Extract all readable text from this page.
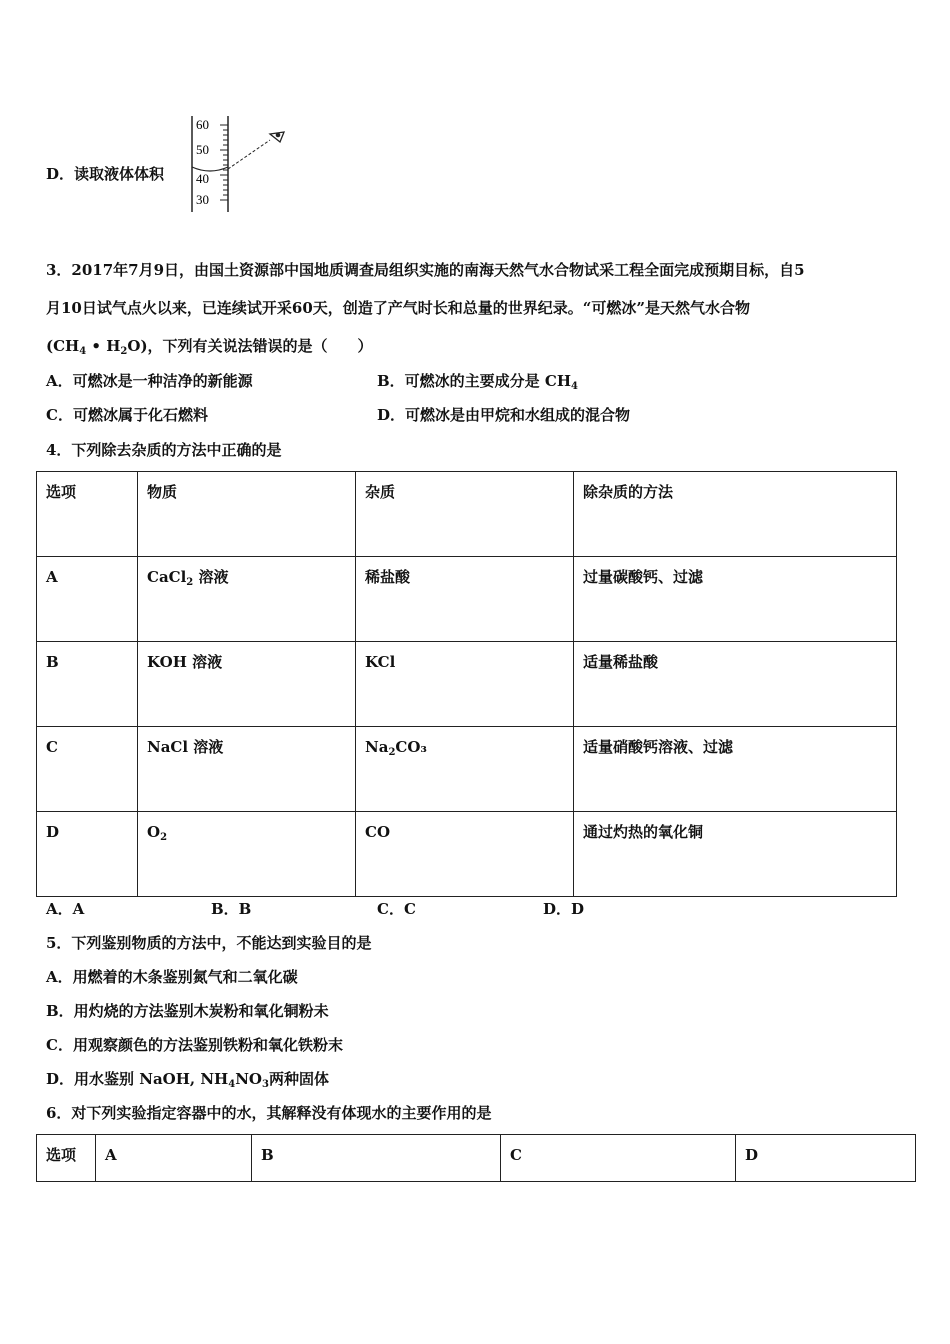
D．读取液体体积
60
50
40
30
3．2017年7月9日，由国土资源部中国地质调查局组织实施的南海天然气水合物试采工程全面完成预期目标，自5
月10日试气点火以来，已连续试开采60天，创造了产气时长和总量的世界纪录。“可燃冰”是天然气水合物
($CH_4$ • $H_2O$)，下列有关说法错误的是（　　）
A．可燃冰是一种洁净的新能源	B．可燃冰的主要成分是 $CH_4$
C．可燃冰属于化石燃料	D．可燃冰是由甲烷和水组成的混合物
4．下列除去杂质的方法中正确的是
选项	物质	杂质	除杂质的方法
A	CaCl$_2$ 溶液	稀盐酸	过量碳酸钙、过滤
B	KOH 溶液	KCl	适量稀盐酸
C	NaCl 溶液	$Na_2CO_3$	适量硝酸钙溶液、过滤
D	$O_2$	CO	通过灼热的氧化铜
A．A	B．B	C．C	D．D
5．下列鉴别物质的方法中，不能达到实验目的是
A．用燃着的木条鉴别氮气和二氧化碳
B．用灼烧的方法鉴别木炭粉和氧化铜粉未
C．用观察颜色的方法鉴别铁粉和氧化铁粉末
D．用水鉴别 NaOH, $NH_4NO_3$两种固体
6．对下列实验指定容器中的水，其解释没有体现水的主要作用的是
选项	A	B	C	D
